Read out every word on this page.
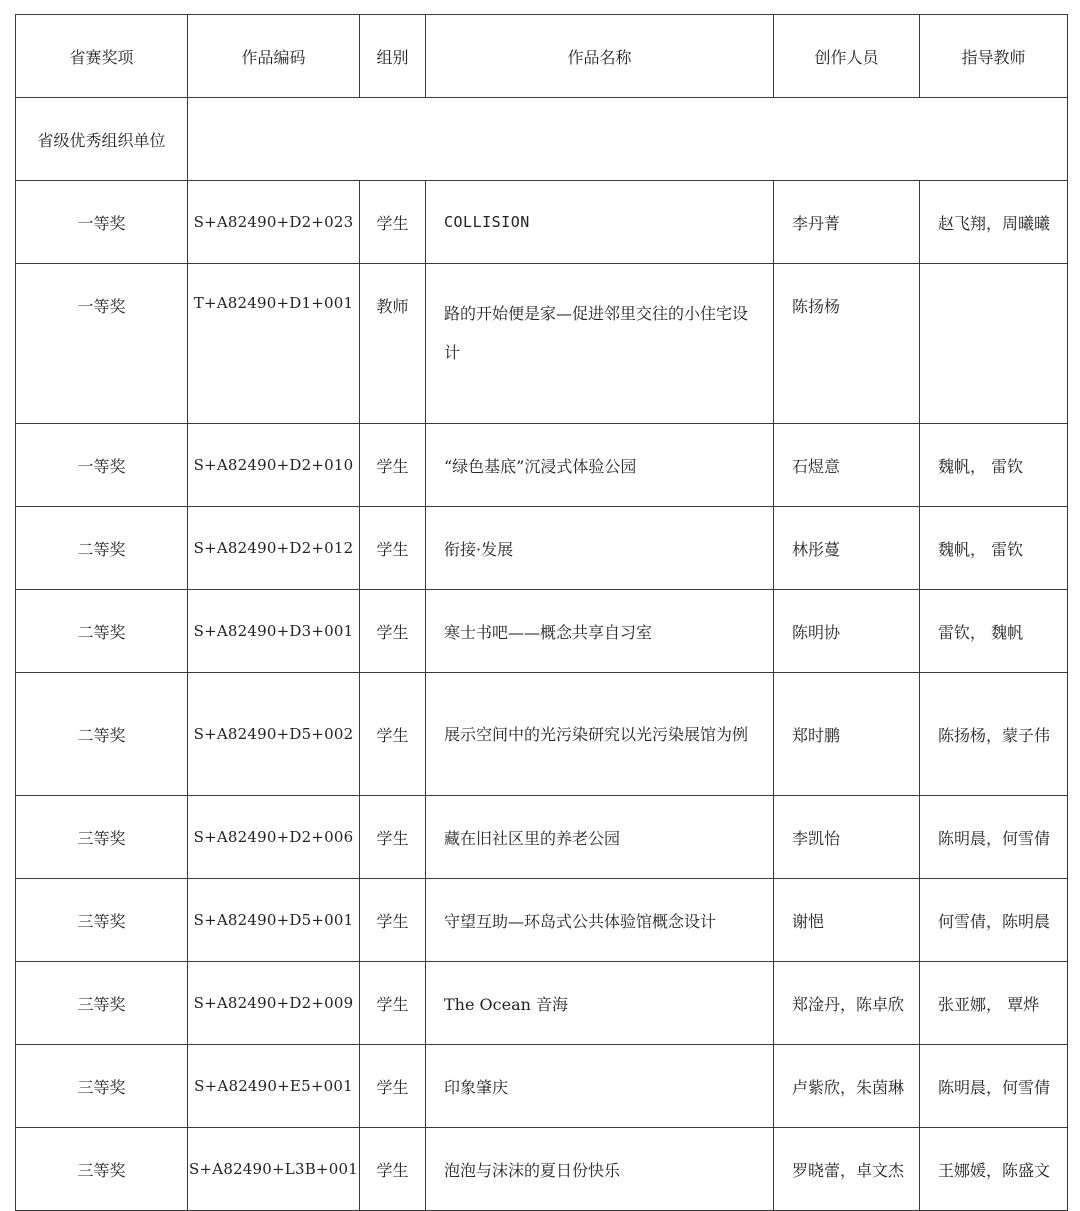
省赛奖项	作品编码	组别	作品名称	创作人员	指导教师
省级优秀组织单位					
一等奖	S+A82490+D2+023	学生	COLLISION	李丹菁	赵飞翔，周曦曦
一等奖	T+A82490+D1+001	教师	路的开始便是家—促进邻里交往的小住宅设计	陈扬杨	
一等奖	S+A82490+D2+010	学生	“绿色基底”沉浸式体验公园	石煜意	魏帆， 雷钦
二等奖	S+A82490+D2+012	学生	衔接·发展	林彤蔓	魏帆， 雷钦
二等奖	S+A82490+D3+001	学生	寒士书吧——概念共享自习室	陈明协	雷钦， 魏帆
二等奖	S+A82490+D5+002	学生	展示空间中的光污染研究以光污染展馆为例	郑时鹏	陈扬杨，蒙子伟
三等奖	S+A82490+D2+006	学生	藏在旧社区里的养老公园	李凯怡	陈明晨，何雪倩
三等奖	S+A82490+D5+001	学生	守望互助—环岛式公共体验馆概念设计	谢悒	何雪倩，陈明晨
三等奖	S+A82490+D2+009	学生	The Ocean 音海	郑淦丹，陈卓欣	张亚娜， 覃烨
三等奖	S+A82490+E5+001	学生	印象肇庆	卢紫欣，朱茵琳	陈明晨，何雪倩
三等奖	S+A82490+L3B+001	学生	泡泡与沫沫的夏日份快乐	罗晓蕾，卓文杰	王娜媛，陈盛文
